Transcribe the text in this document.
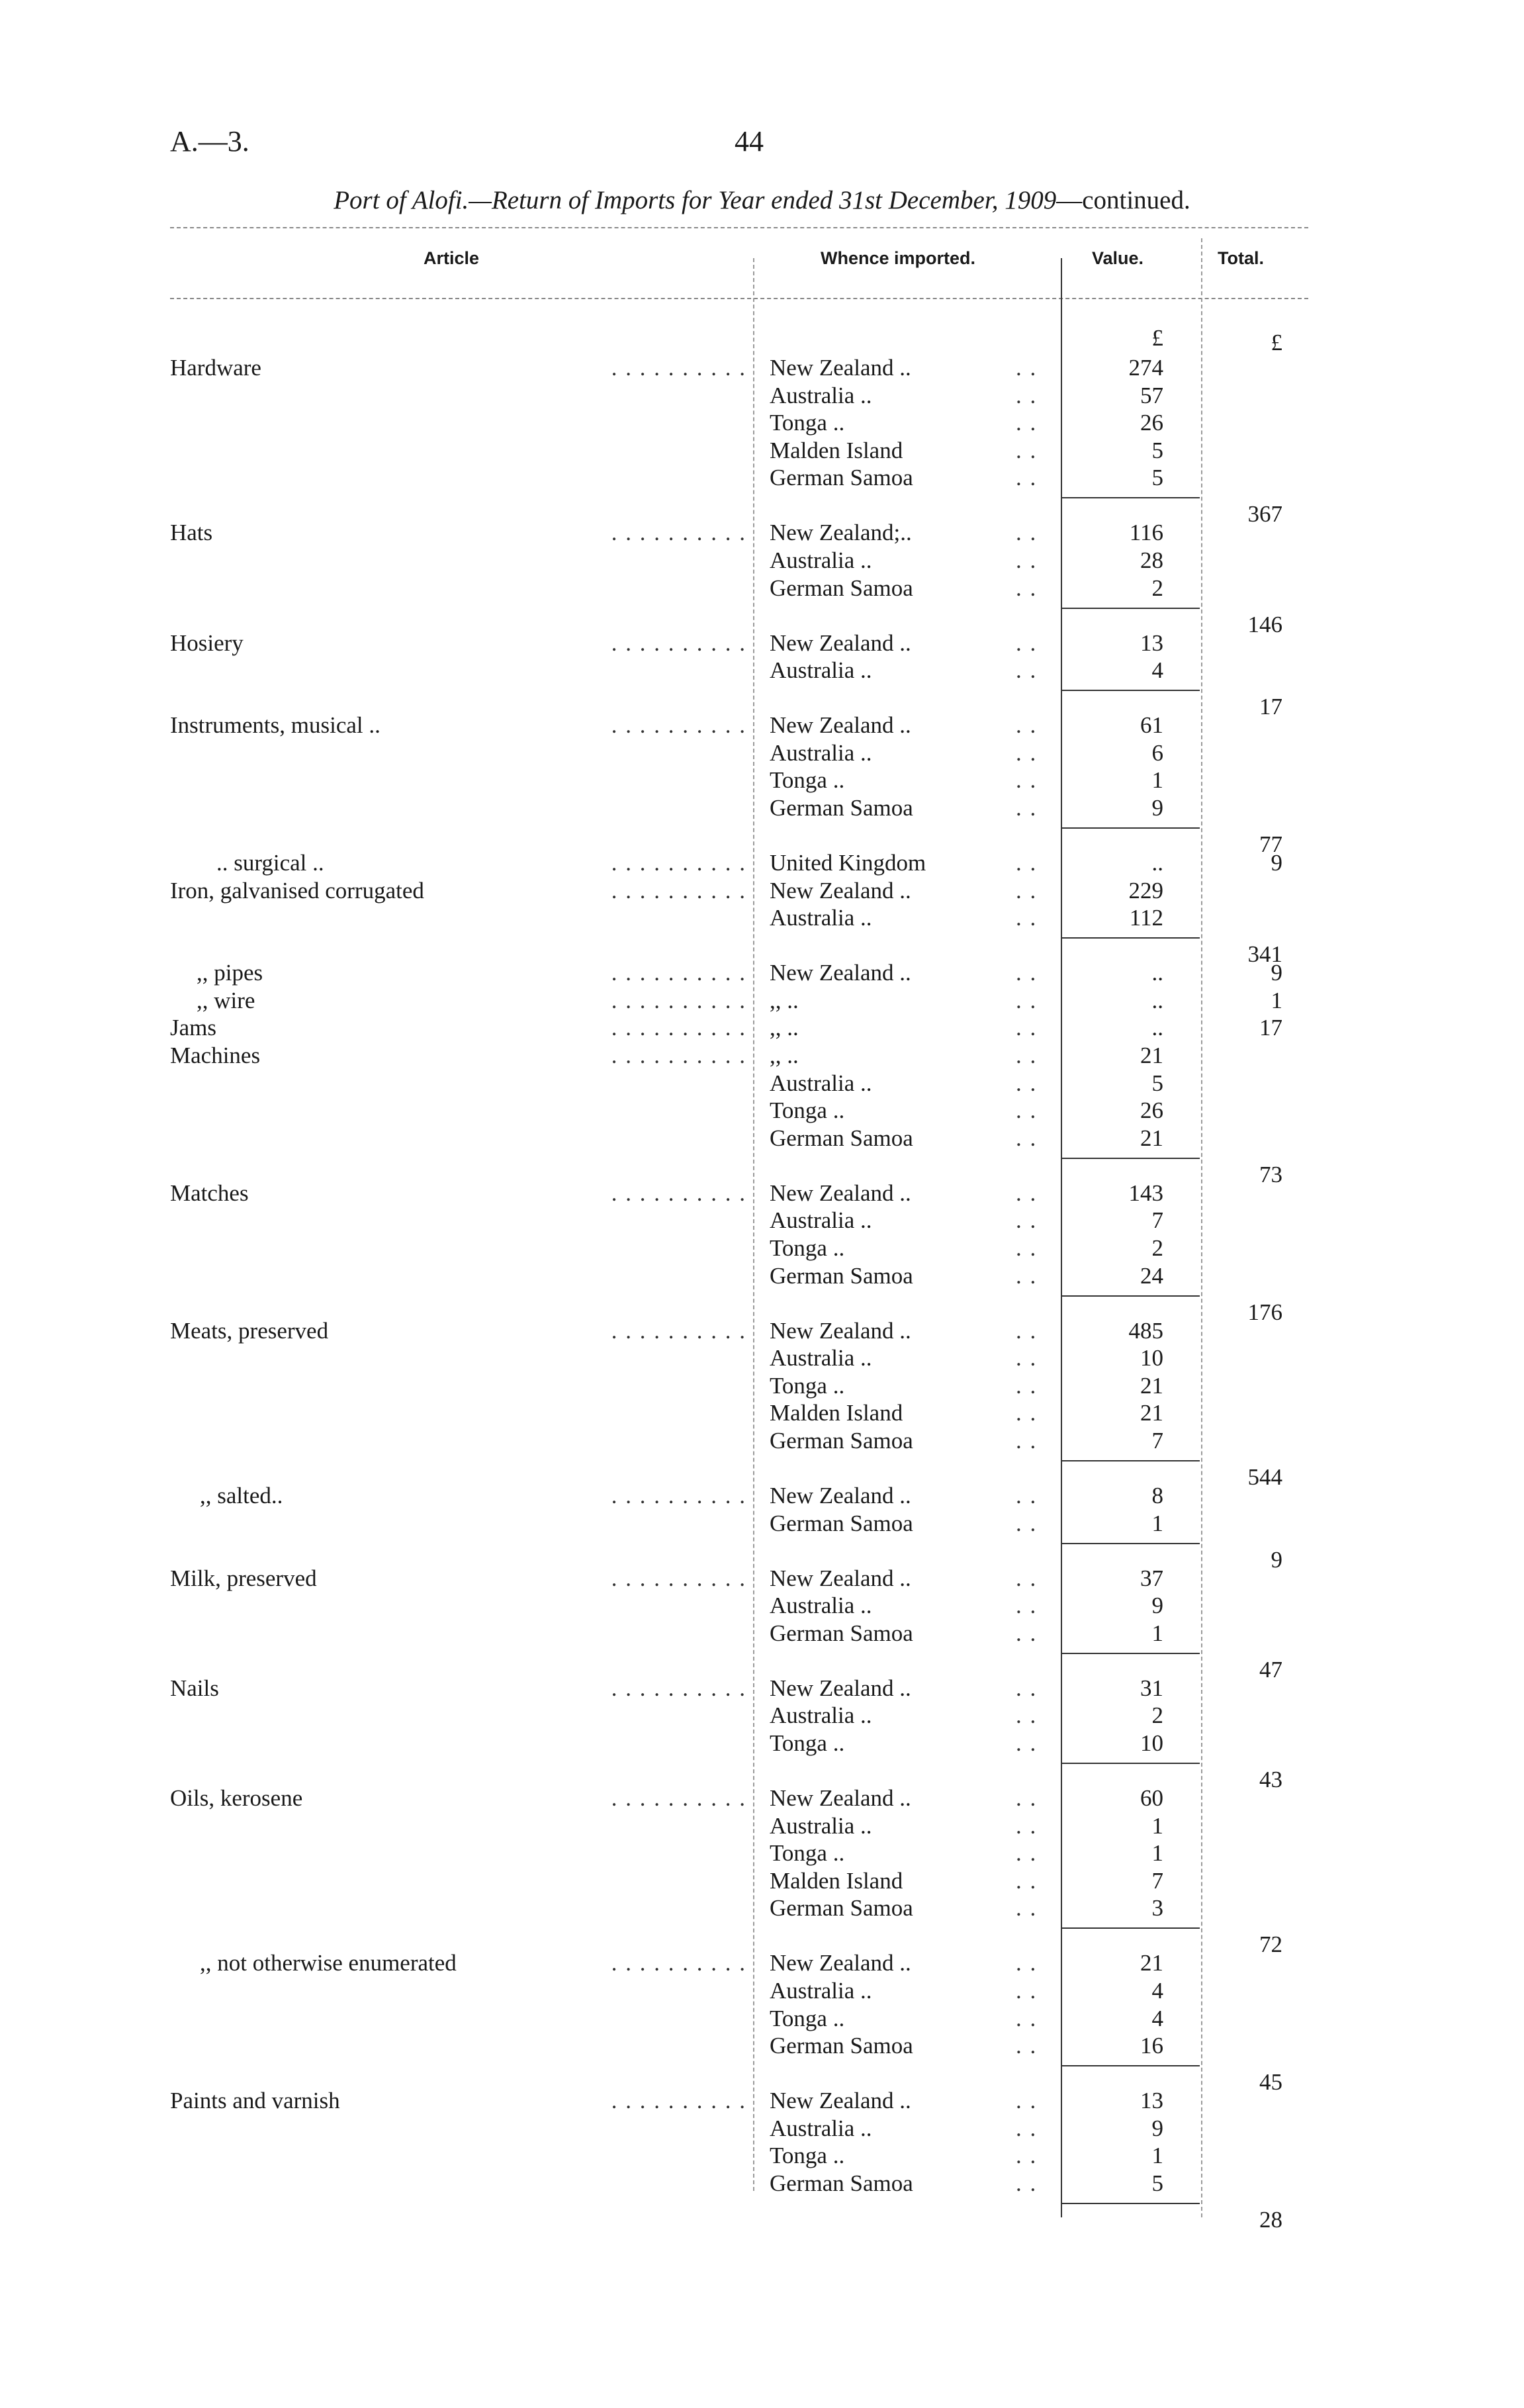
A.—3.	44
Port of Alofi.—Return of Imports for Year ended 31st December, 1909—continued.
Article	Whence imported.	Value.	Total.
£	£
Hardware	. . . . . . . . . . New Zealand ..	. .	274
Australia ..	. .	57
Tonga ..	. .	26
Malden Island	. .	5
German Samoa	. .	5
367
Hats	. . . . . . . . . . New Zealand;..	. .	116
Australia ..	. .	28
German Samoa	. .	2
146
Hosiery	. . . . . . . . . . New Zealand ..	. .	13
Australia ..	. .	4
17
Instruments, musical ..	. . . . . . . . . . New Zealand ..	. .	61
Australia ..	. .	6
Tonga ..	. .	1
German Samoa	. .	9
77
.. surgical ..	. . . . . . . . . . United Kingdom	. .	..	9
Iron, galvanised corrugated	. . . . . . . . . . New Zealand ..	. .	229
Australia ..	. .	112
341
,, pipes	. . . . . . . . . . New Zealand ..	. .	..	9
,, wire	. . . . . . . . . . ,, ..	. .	..	1
Jams	. . . . . . . . . . ,, ..	. .	..	17
Machines	. . . . . . . . . . ,, ..	. .	21
Australia ..	. .	5
Tonga ..	. .	26
German Samoa	. .	21
73
Matches	. . . . . . . . . . New Zealand ..	. .	143
Australia ..	. .	7
Tonga ..	. .	2
German Samoa	. .	24
176
Meats, preserved	. . . . . . . . . . New Zealand ..	. .	485
Australia ..	. .	10
Tonga ..	. .	21
Malden Island	. .	21
German Samoa	. .	7
544
,, salted..	. . . . . . . . . . New Zealand ..	. .	8
German Samoa	. .	1
9
Milk, preserved	. . . . . . . . . . New Zealand ..	. .	37
Australia ..	. .	9
German Samoa	. .	1
47
Nails	. . . . . . . . . . New Zealand ..	. .	31
Australia ..	. .	2
Tonga ..	. .	10
43
Oils, kerosene	. . . . . . . . . . New Zealand ..	. .	60
Australia ..	. .	1
Tonga ..	. .	1
Malden Island	. .	7
German Samoa	. .	3
72
,, not otherwise enumerated	. . . . . . . . . . New Zealand ..	. .	21
Australia ..	. .	4
Tonga ..	. .	4
German Samoa	. .	16
45
Paints and varnish	. . . . . . . . . . New Zealand ..	. .	13
Australia ..	. .	9
Tonga ..	. .	1
German Samoa	. .	5
28
